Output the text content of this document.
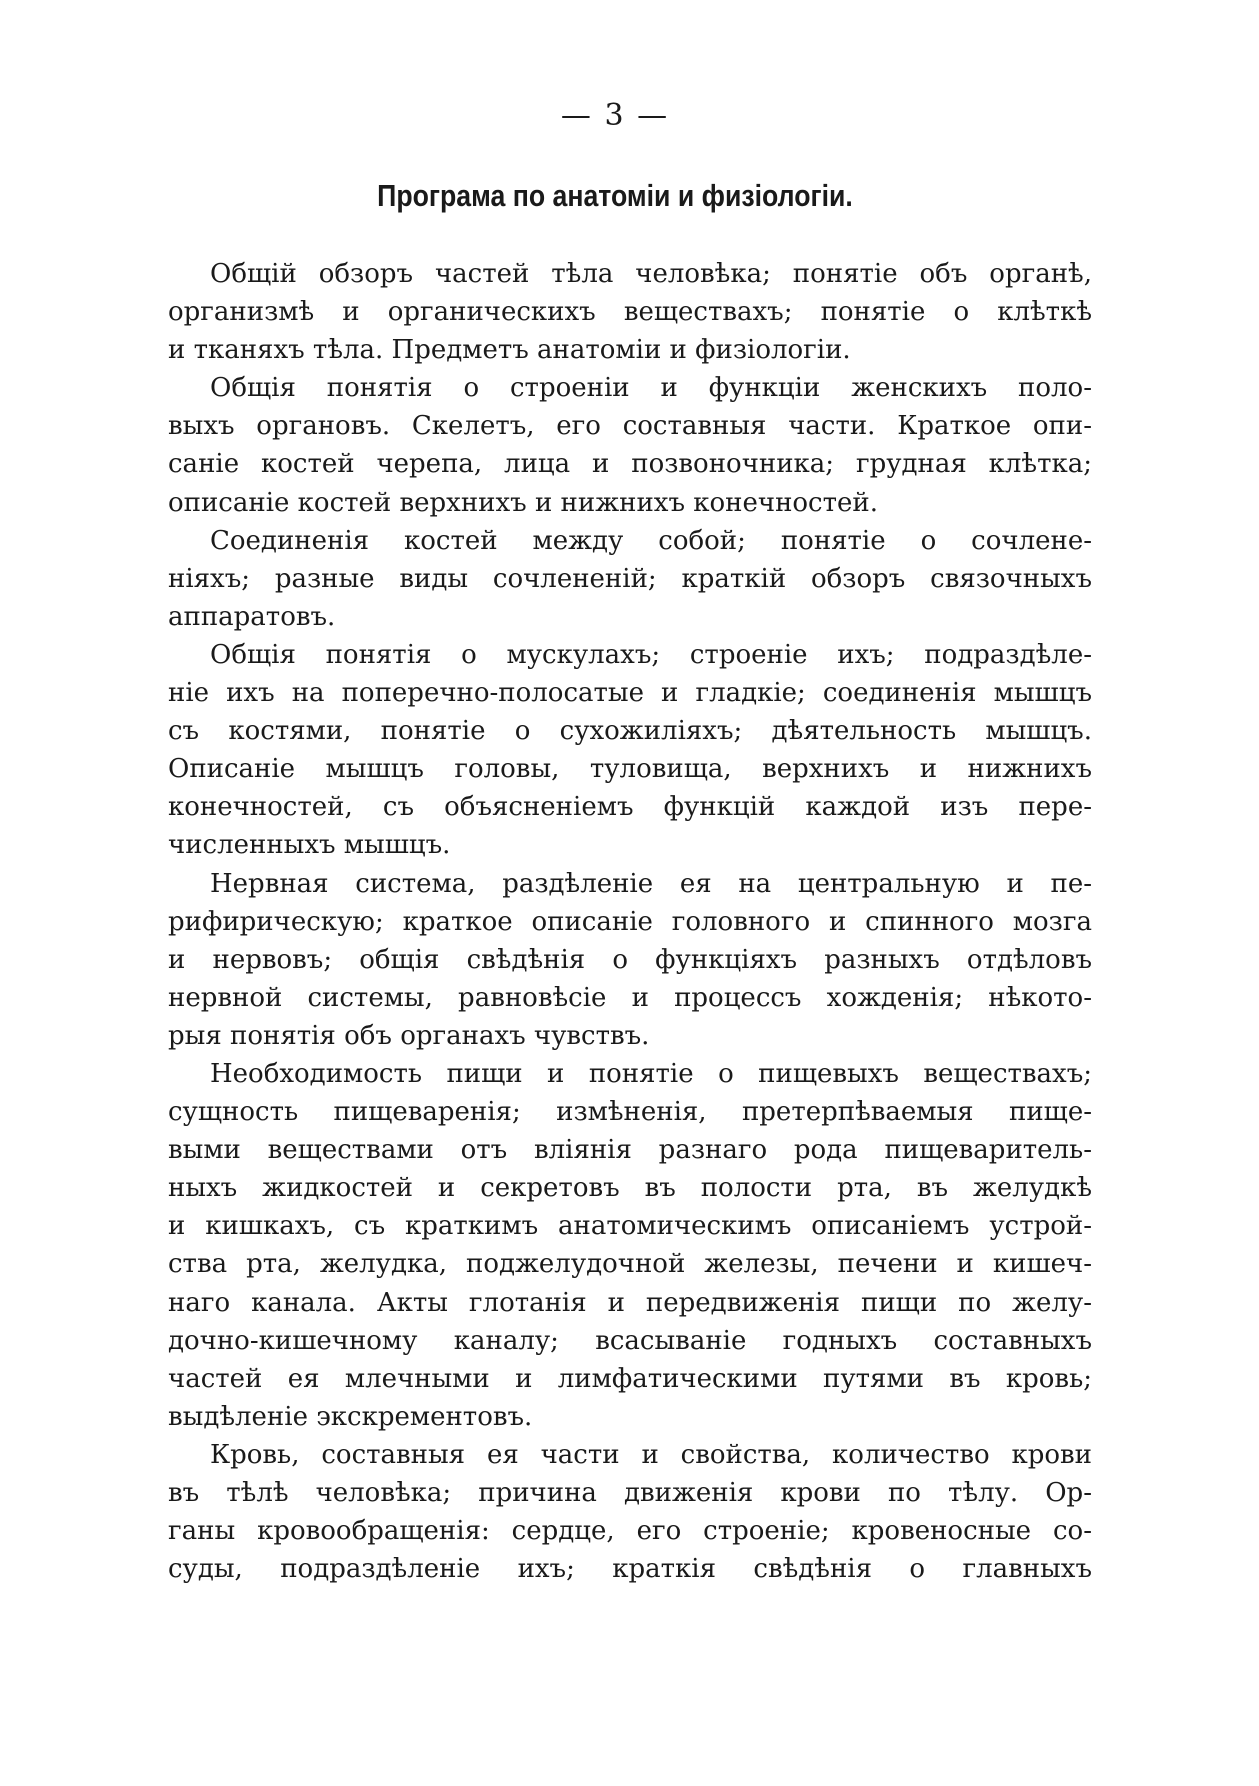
— 3 —
Програма по анатоміи и физіологіи.
Общій обзоръ частей тѣла человѣка; понятіе объ органѣ,
организмѣ и органическихъ веществахъ; понятіе о клѣткѣ
и тканяхъ тѣла. Предметъ анатоміи и физіологіи.
Общія понятія о строеніи и функціи женскихъ поло-
выхъ органовъ. Скелетъ, его составныя части. Краткое опи-
саніе костей черепа, лица и позвоночника; грудная клѣтка;
описаніе костей верхнихъ и нижнихъ конечностей.
Соединенія костей между собой; понятіе о сочлене-
ніяхъ; разные виды сочлененій; краткій обзоръ связочныхъ
аппаратовъ.
Общія понятія о мускулахъ; строеніе ихъ; подраздѣле-
ніе ихъ на поперечно-полосатые и гладкіе; соединенія мышцъ
съ костями, понятіе о сухожиліяхъ; дѣятельность мышцъ.
Описаніе мышцъ головы, туловища, верхнихъ и нижнихъ
конечностей, съ объясненіемъ функцій каждой изъ пере-
численныхъ мышцъ.
Нервная система, раздѣленіе ея на центральную и пе-
рифирическую; краткое описаніе головного и спинного мозга
и нервовъ; общія свѣдѣнія о функціяхъ разныхъ отдѣловъ
нервной системы, равновѣсіе и процессъ хожденія; нѣкото-
рыя понятія объ органахъ чувствъ.
Необходимость пищи и понятіе о пищевыхъ веществахъ;
сущность пищеваренія; измѣненія, претерпѣваемыя пище-
выми веществами отъ вліянія разнаго рода пищеваритель-
ныхъ жидкостей и секретовъ въ полости рта, въ желудкѣ
и кишкахъ, съ краткимъ анатомическимъ описаніемъ устрой-
ства рта, желудка, поджелудочной железы, печени и кишеч-
наго канала. Акты глотанія и передвиженія пищи по желу-
дочно-кишечному каналу; всасываніе годныхъ составныхъ
частей ея млечными и лимфатическими путями въ кровь;
выдѣленіе экскрементовъ.
Кровь, составныя ея части и свойства, количество крови
въ тѣлѣ человѣка; причина движенія крови по тѣлу. Ор-
ганы кровообращенія: сердце, его строеніе; кровеносные со-
суды, подраздѣленіе ихъ; краткія свѣдѣнія о главныхъ
